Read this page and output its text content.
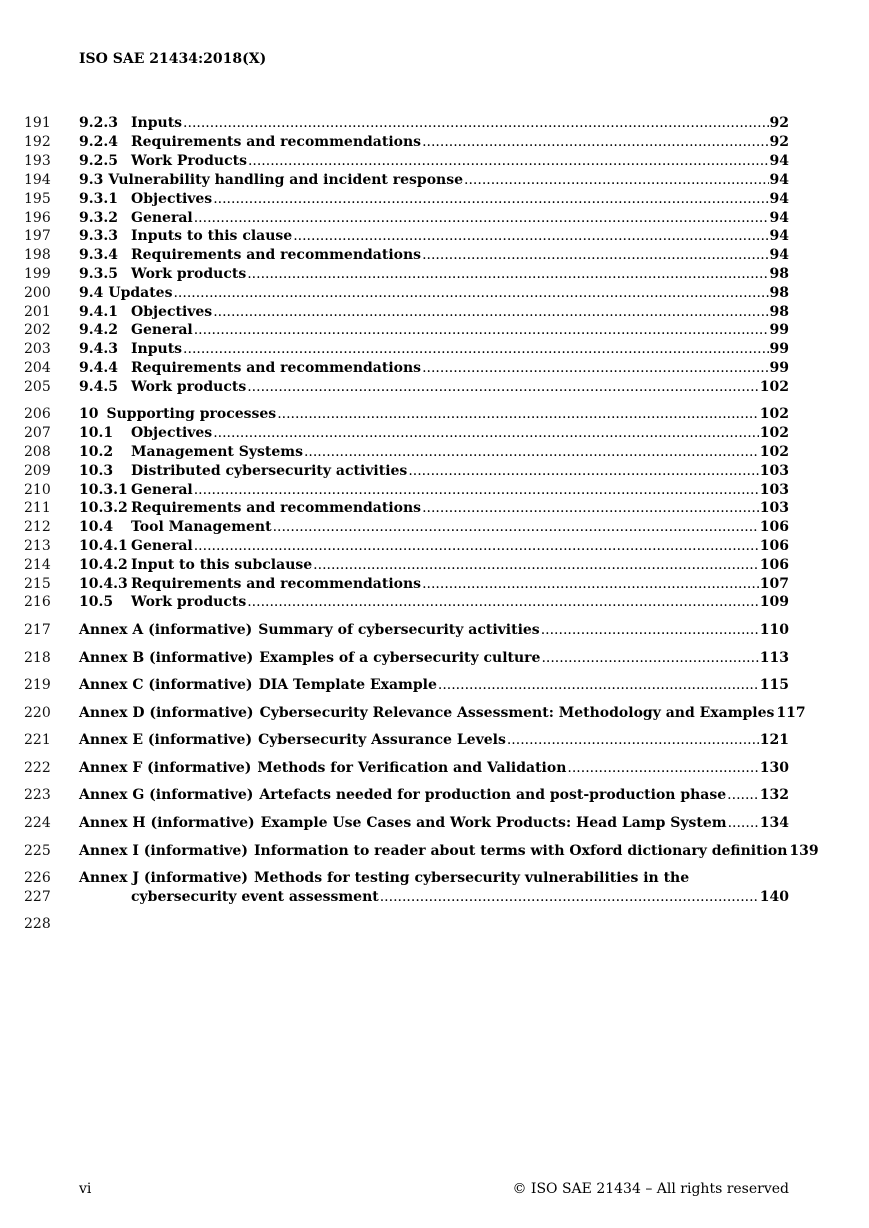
ISO SAE 21434:2018(X)
191	9.2.3 Inputs .....	92
192	9.2.4 Requirements and recommendations .....	92
193	9.2.5 Work Products .....	94
194	9.3 Vulnerability handling and incident response .....	94
195	9.3.1 Objectives .....	94
196	9.3.2 General .....	94
197	9.3.3 Inputs to this clause .....	94
198	9.3.4 Requirements and recommendations .....	94
199	9.3.5 Work products .....	98
200	9.4 Updates .....	98
201	9.4.1 Objectives .....	98
202	9.4.2 General .....	99
203	9.4.3 Inputs .....	99
204	9.4.4 Requirements and recommendations .....	99
205	9.4.5 Work products .....	102
206	10 Supporting processes .....	102
207	10.1	Objectives .....	102
208	10.2	Management Systems .....	102
209	10.3	Distributed cybersecurity activities .....	103
210	10.3.1 General .....	103
211	10.3.2 Requirements and recommendations .....	103
212	10.4	Tool Management .....	106
213	10.4.1 General .....	106
214	10.4.2 Input to this subclause .....	106
215	10.4.3 Requirements and recommendations .....	107
216	10.5	Work products .....	109
217	Annex A (informative) Summary of cybersecurity activities .....	110
218	Annex B (informative) Examples of a cybersecurity culture .....	113
219	Annex C (informative) DIA Template Example .....	115
220	Annex D (informative) Cybersecurity Relevance Assessment: Methodology and Examples 117
221	Annex E (informative) Cybersecurity Assurance Levels .....	121
222	Annex F (informative) Methods for Verification and Validation .....	130
223	Annex G (informative) Artefacts needed for production and post-production phase ..... 132
224	Annex H (informative) Example Use Cases and Work Products: Head Lamp System ..... 134
225	Annex I (informative) Information to reader about terms with Oxford dictionary definition 139
226	Annex J (informative) Methods for testing cybersecurity vulnerabilities in the
227	cybersecurity event assessment .....	140
228
vi	© ISO SAE 21434 – All rights reserved
